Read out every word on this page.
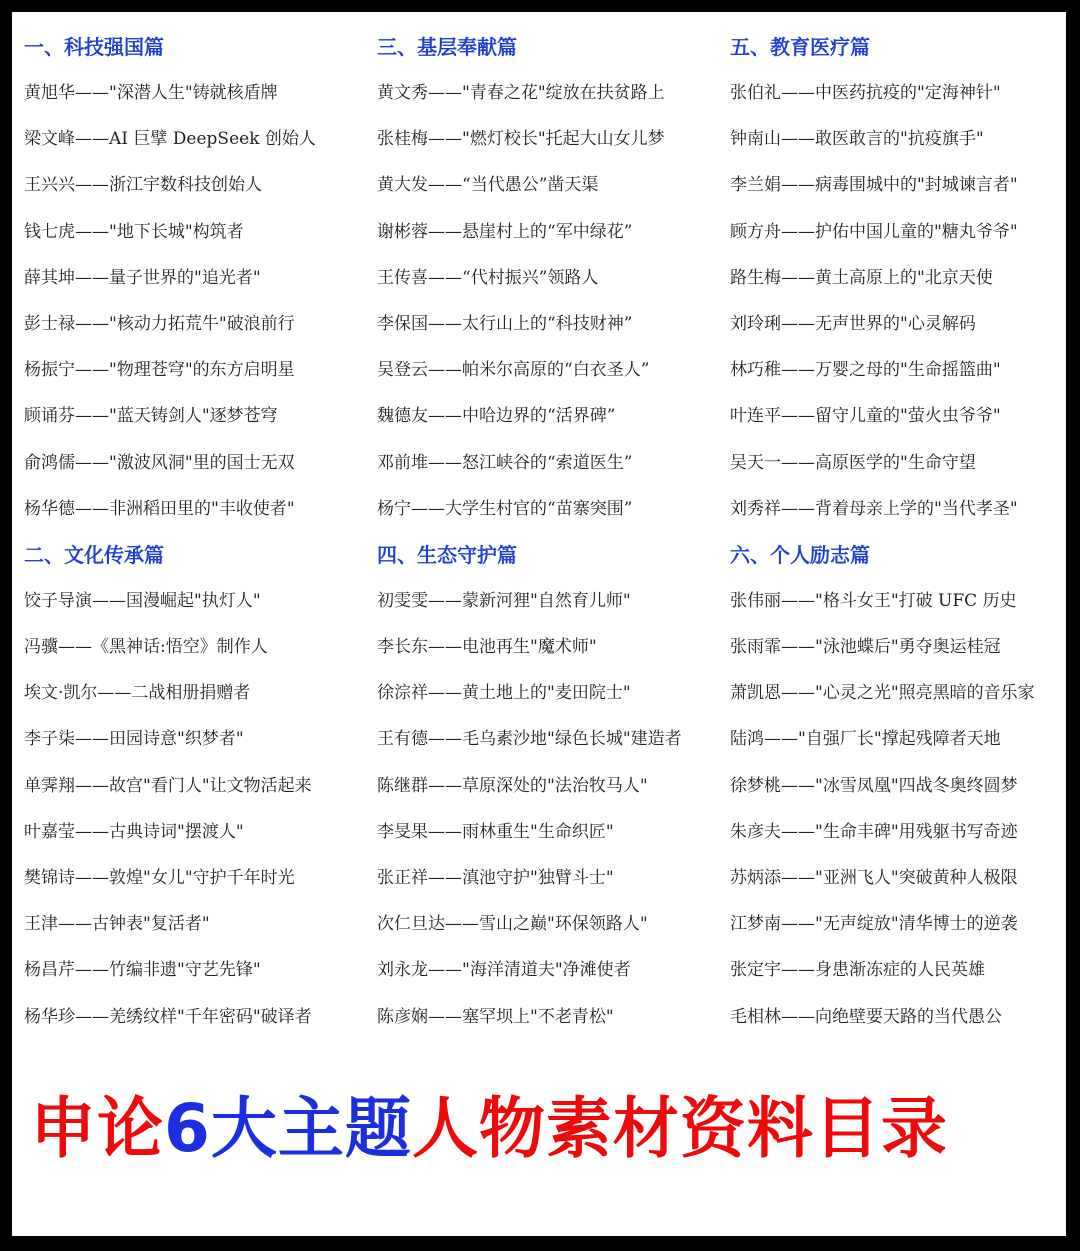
一、科技强国篇
黄旭华——"深潜人生"铸就核盾牌
梁文峰——AI 巨擘 DeepSeek 创始人
王兴兴——浙江宇数科技创始人
钱七虎——"地下长城"构筑者
薛其坤——量子世界的"追光者"
彭士禄——"核动力拓荒牛"破浪前行
杨振宁——"物理苍穹"的东方启明星
顾诵芬——"蓝天铸剑人"逐梦苍穹
俞鸿儒——"激波风洞"里的国士无双
杨华德——非洲稻田里的"丰收使者"
二、文化传承篇
饺子导演——国漫崛起"执灯人"
冯骥——《黑神话:悟空》制作人
埃文·凯尔——二战相册捐赠者
李子柒——田园诗意"织梦者"
单霁翔——故宫"看门人"让文物活起来
叶嘉莹——古典诗词"摆渡人"
樊锦诗——敦煌"女儿"守护千年时光
王津——古钟表"复活者"
杨昌芹——竹编非遗"守艺先锋"
杨华珍——羌绣纹样"千年密码"破译者
三、基层奉献篇
黄文秀——"青春之花"绽放在扶贫路上
张桂梅——"燃灯校长"托起大山女儿梦
黄大发——“当代愚公”凿天渠
谢彬蓉——悬崖村上的“军中绿花”
王传喜——“代村振兴”领路人
李保国——太行山上的“科技财神”
吴登云——帕米尔高原的“白衣圣人”
魏德友——中哈边界的“活界碑”
邓前堆——怒江峡谷的“索道医生”
杨宁——大学生村官的“苗寨突围”
四、生态守护篇
初雯雯——蒙新河狸"自然育儿师"
李长东——电池再生"魔术师"
徐淙祥——黄土地上的"麦田院士"
王有德——毛乌素沙地"绿色长城"建造者
陈继群——草原深处的"法治牧马人"
李旻果——雨林重生"生命织匠"
张正祥——滇池守护"独臂斗士"
次仁旦达——雪山之巅"环保领路人"
刘永龙——"海洋清道夫"净滩使者
陈彦娴——塞罕坝上"不老青松"
五、教育医疗篇
张伯礼——中医药抗疫的"定海神针"
钟南山——敢医敢言的"抗疫旗手"
李兰娟——病毒围城中的"封城谏言者"
顾方舟——护佑中国儿童的"糖丸爷爷"
路生梅——黄土高原上的"北京天使
刘玲琍——无声世界的"心灵解码
林巧稚——万婴之母的"生命摇篮曲"
叶连平——留守儿童的"萤火虫爷爷"
吴天一——高原医学的"生命守望
刘秀祥——背着母亲上学的"当代孝圣"
六、个人励志篇
张伟丽——"格斗女王"打破 UFC 历史
张雨霏——"泳池蝶后"勇夺奥运桂冠
萧凯恩——"心灵之光"照亮黑暗的音乐家
陆鸿——"自强厂长"撑起残障者天地
徐梦桃——"冰雪凤凰"四战冬奥终圆梦
朱彦夫——"生命丰碑"用残躯书写奇迹
苏炳添——"亚洲飞人"突破黄种人极限
江梦南——"无声绽放"清华博士的逆袭
张定宇——身患渐冻症的人民英雄
毛相林——向绝壁要天路的当代愚公
申论6大主题人物素材资料目录
